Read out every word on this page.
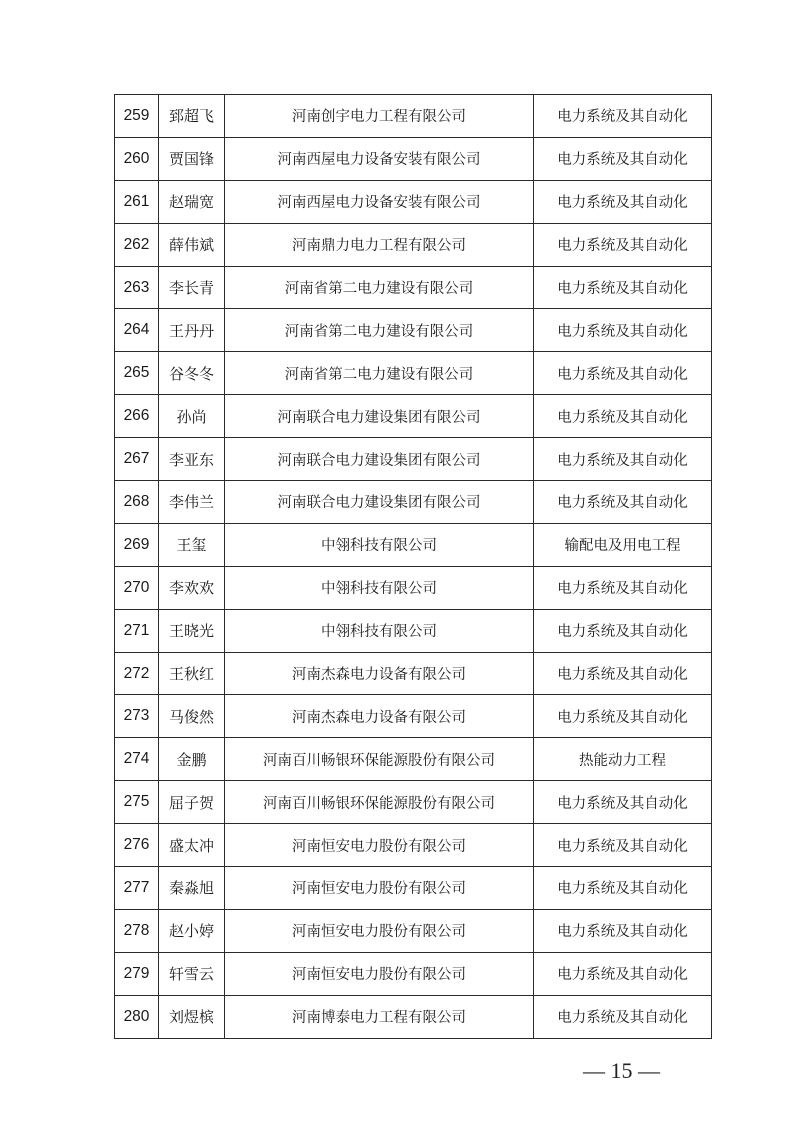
259	郅超飞	河南创宇电力工程有限公司	电力系统及其自动化
260	贾国锋	河南西屋电力设备安装有限公司	电力系统及其自动化
261	赵瑞宽	河南西屋电力设备安装有限公司	电力系统及其自动化
262	薛伟斌	河南鼎力电力工程有限公司	电力系统及其自动化
263	李长青	河南省第二电力建设有限公司	电力系统及其自动化
264	王丹丹	河南省第二电力建设有限公司	电力系统及其自动化
265	谷冬冬	河南省第二电力建设有限公司	电力系统及其自动化
266	孙尚	河南联合电力建设集团有限公司	电力系统及其自动化
267	李亚东	河南联合电力建设集团有限公司	电力系统及其自动化
268	李伟兰	河南联合电力建设集团有限公司	电力系统及其自动化
269	王玺	中翎科技有限公司	输配电及用电工程
270	李欢欢	中翎科技有限公司	电力系统及其自动化
271	王晓光	中翎科技有限公司	电力系统及其自动化
272	王秋红	河南杰森电力设备有限公司	电力系统及其自动化
273	马俊然	河南杰森电力设备有限公司	电力系统及其自动化
274	金鹏	河南百川畅银环保能源股份有限公司	热能动力工程
275	屈子贺	河南百川畅银环保能源股份有限公司	电力系统及其自动化
276	盛太冲	河南恒安电力股份有限公司	电力系统及其自动化
277	秦淼旭	河南恒安电力股份有限公司	电力系统及其自动化
278	赵小婷	河南恒安电力股份有限公司	电力系统及其自动化
279	轩雪云	河南恒安电力股份有限公司	电力系统及其自动化
280	刘煜槟	河南博泰电力工程有限公司	电力系统及其自动化
— 15 —
